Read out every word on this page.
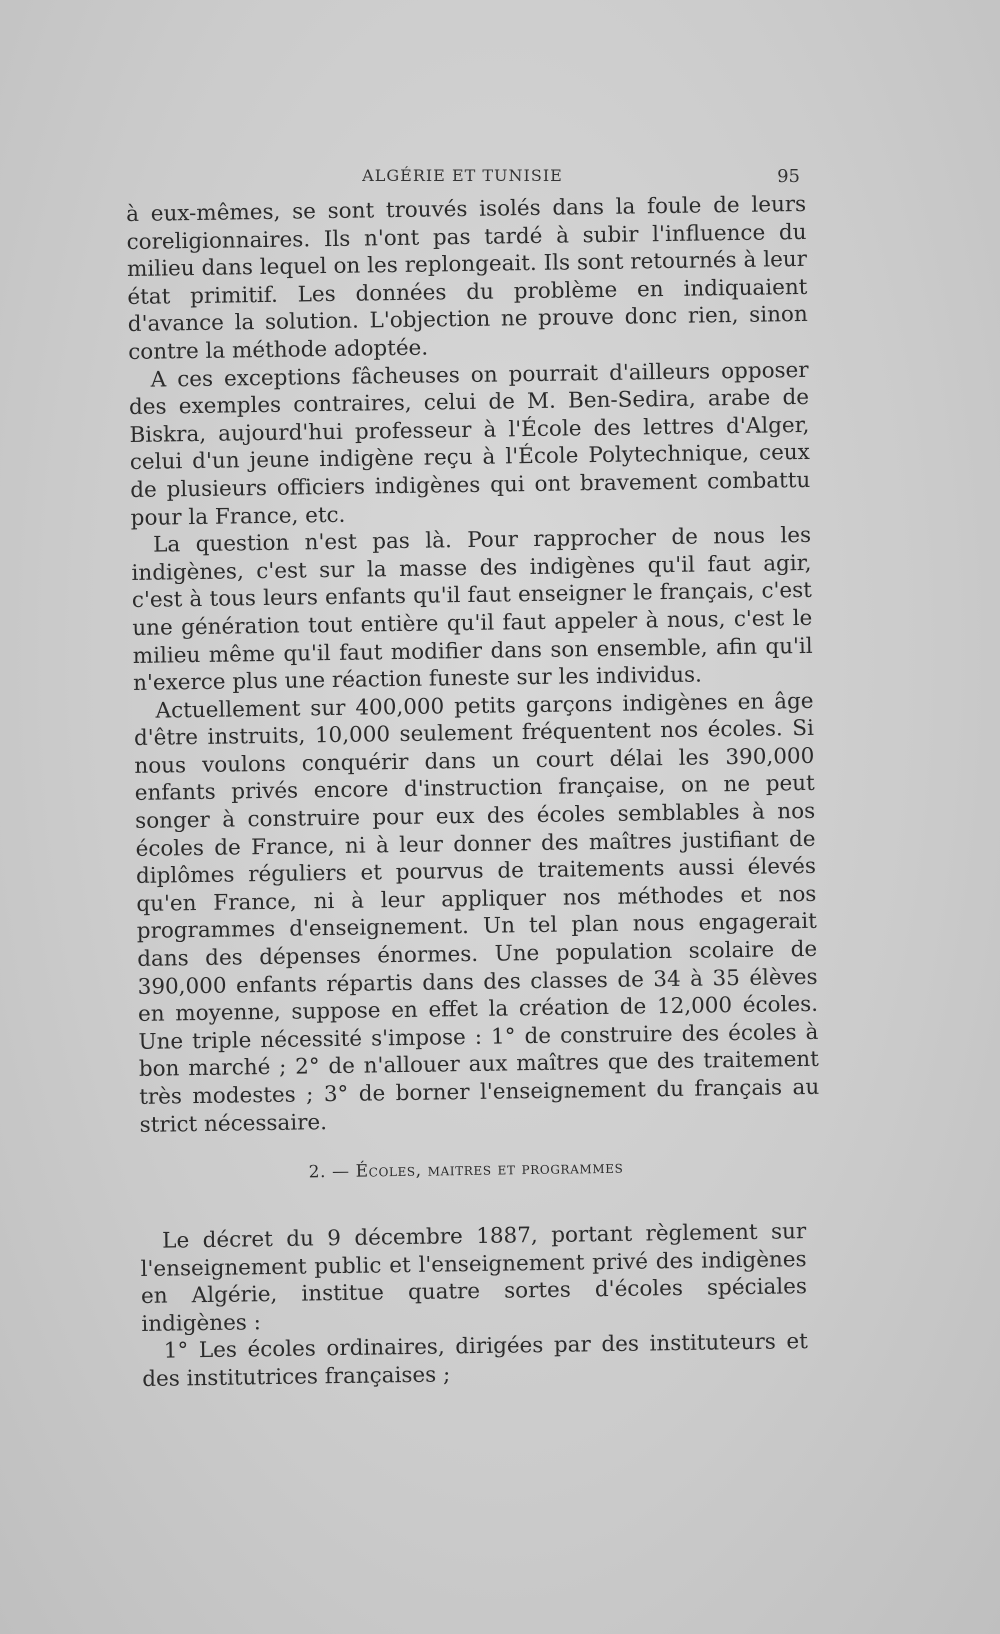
ALGÉRIE ET TUNISIE	95

à eux-mêmes, se sont trouvés isolés dans la foule de leurs coreligionnaires. Ils n'ont pas tardé à subir l'influence du milieu dans lequel on les replongeait. Ils sont retournés à leur état primitif. Les données du problème en indiquaient d'avance la solution. L'objection ne prouve donc rien, sinon contre la méthode adoptée.

A ces exceptions fâcheuses on pourrait d'ailleurs opposer des exemples contraires, celui de M. Ben-Sedira, arabe de Biskra, aujourd'hui professeur à l'École des lettres d'Alger, celui d'un jeune indigène reçu à l'École Polytechnique, ceux de plusieurs officiers indigènes qui ont bravement combattu pour la France, etc.

La question n'est pas là. Pour rapprocher de nous les indigènes, c'est sur la masse des indigènes qu'il faut agir, c'est à tous leurs enfants qu'il faut enseigner le français, c'est une génération tout entière qu'il faut appeler à nous, c'est le milieu même qu'il faut modifier dans son ensemble, afin qu'il n'exerce plus une réaction funeste sur les individus.

Actuellement sur 400,000 petits garçons indigènes en âge d'être instruits, 10,000 seulement fréquentent nos écoles. Si nous voulons conquérir dans un court délai les 390,000 enfants privés encore d'instruction française, on ne peut songer à construire pour eux des écoles semblables à nos écoles de France, ni à leur donner des maîtres justifiant de diplômes réguliers et pourvus de traitements aussi élevés qu'en France, ni à leur appliquer nos méthodes et nos programmes d'enseignement. Un tel plan nous engagerait dans des dépenses énormes. Une population scolaire de 390,000 enfants répartis dans des classes de 34 à 35 élèves en moyenne, suppose en effet la création de 12,000 écoles. Une triple nécessité s'impose : 1° de construire des écoles à bon marché ; 2° de n'allouer aux maîtres que des traitement très modestes ; 3° de borner l'enseignement du français au strict nécessaire.

2. — Écoles, maitres et programmes

Le décret du 9 décembre 1887, portant règlement sur l'enseignement public et l'enseignement privé des indigènes en Algérie, institue quatre sortes d'écoles spéciales indigènes :

1° Les écoles ordinaires, dirigées par des instituteurs et des institutrices françaises ;
